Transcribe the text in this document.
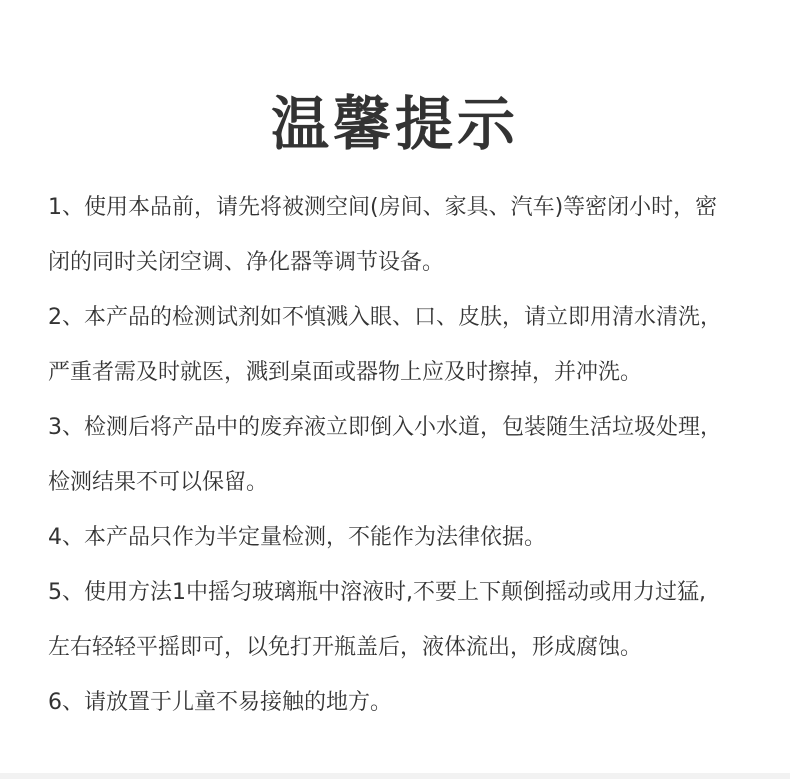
温馨提示

1、使用本品前，请先将被测空间(房间、家具、汽车)等密闭小时，密
闭的同时关闭空调、净化器等调节设备。

2、本产品的检测试剂如不慎溅入眼、口、皮肤，请立即用清水清洗，
严重者需及时就医，溅到桌面或器物上应及时擦掉，并冲洗。

3、检测后将产品中的废弃液立即倒入小水道，包装随生活垃圾处理，
检测结果不可以保留。

4、本产品只作为半定量检测，不能作为法律依据。

5、使用方法1中摇匀玻璃瓶中溶液时,不要上下颠倒摇动或用力过猛,
左右轻轻平摇即可，以免打开瓶盖后，液体流出，形成腐蚀。

6、请放置于儿童不易接触的地方。
